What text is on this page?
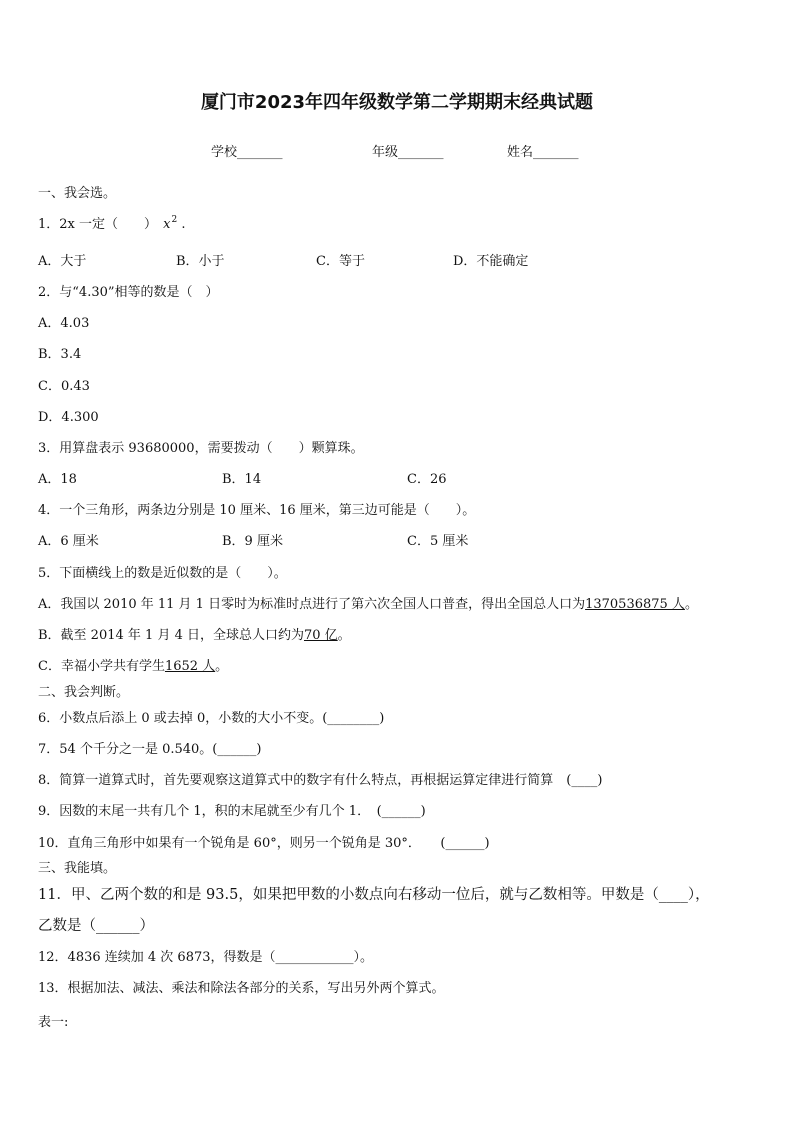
厦门市2023年四年级数学第二学期期末经典试题
学校_______	年级_______	姓名_______
一、我会选。
1．2x 一定（　　） $x^2$ .
A．大于	B．小于	C．等于	D．不能确定
2．与“4.30”相等的数是（　）
A．4.03
B．3.4
C．0.43
D．4.300
3．用算盘表示 93680000，需要拨动（　　）颗算珠。
A．18	B．14	C．26
4．一个三角形，两条边分别是 10 厘米、16 厘米，第三边可能是（　　）。
A．6 厘米	B．9 厘米	C．5 厘米
5．下面横线上的数是近似数的是（　　）。
A．我国以 2010 年 11 月 1 日零时为标准时点进行了第六次全国人口普查，得出全国总人口为1370536875 人。
B．截至 2014 年 1 月 4 日，全球总人口约为70 亿。
C．幸福小学共有学生1652 人。
二、我会判断。
6．小数点后添上 0 或去掉 0，小数的大小不变。(________)
7．54 个千分之一是 0.540。(______)
8．简算一道算式时，首先要观察这道算式中的数字有什么特点，再根据运算定律进行简算　(____)
9．因数的末尾一共有几个 1，积的末尾就至少有几个 1．　(______)
10．直角三角形中如果有一个锐角是 60°，则另一个锐角是 30°．　　(______)
三、我能填。
11．甲、乙两个数的和是 93.5，如果把甲数的小数点向右移动一位后，就与乙数相等。甲数是（____），
乙数是（______）
12．4836 连续加 4 次 6873，得数是（____________）。
13．根据加法、减法、乘法和除法各部分的关系，写出另外两个算式。
表一:
